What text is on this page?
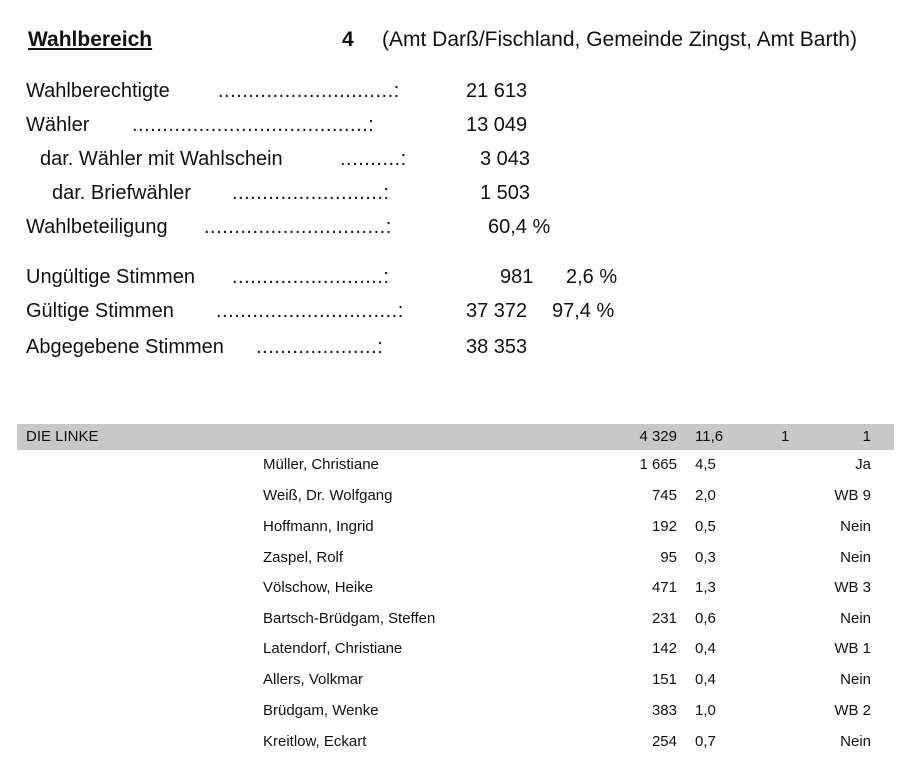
Wahlbereich	4 (Amt Darß/Fischland, Gemeinde Zingst, Amt Barth)
Wahlberechtigte .............................:	21 613
Wähler .......................................:	13 049
dar. Wähler mit Wahlschein	..........:	3 043
dar. Briefwähler .........................:	1 503
Wahlbeteiligung ..............................:	60,4 %
Ungültige Stimmen .........................:	981 2,6 %
Gültige Stimmen ..............................:	37 372 97,4 %
Abgegebene Stimmen ....................:	38 353
DIE LINKE	4 329 11,6	1	1
Müller, Christiane	1 665 4,5	Ja
Weiß, Dr. Wolfgang	745 2,0	WB 9
Hoffmann, Ingrid	192 0,5	Nein
Zaspel, Rolf	95 0,3	Nein
Völschow, Heike	471 1,3	WB 3
Bartsch-Brüdgam, Steffen	231 0,6	Nein
Latendorf, Christiane	142 0,4	WB 1
Allers, Volkmar	151 0,4	Nein
Brüdgam, Wenke	383 1,0	WB 2
Kreitlow, Eckart	254 0,7	Nein
